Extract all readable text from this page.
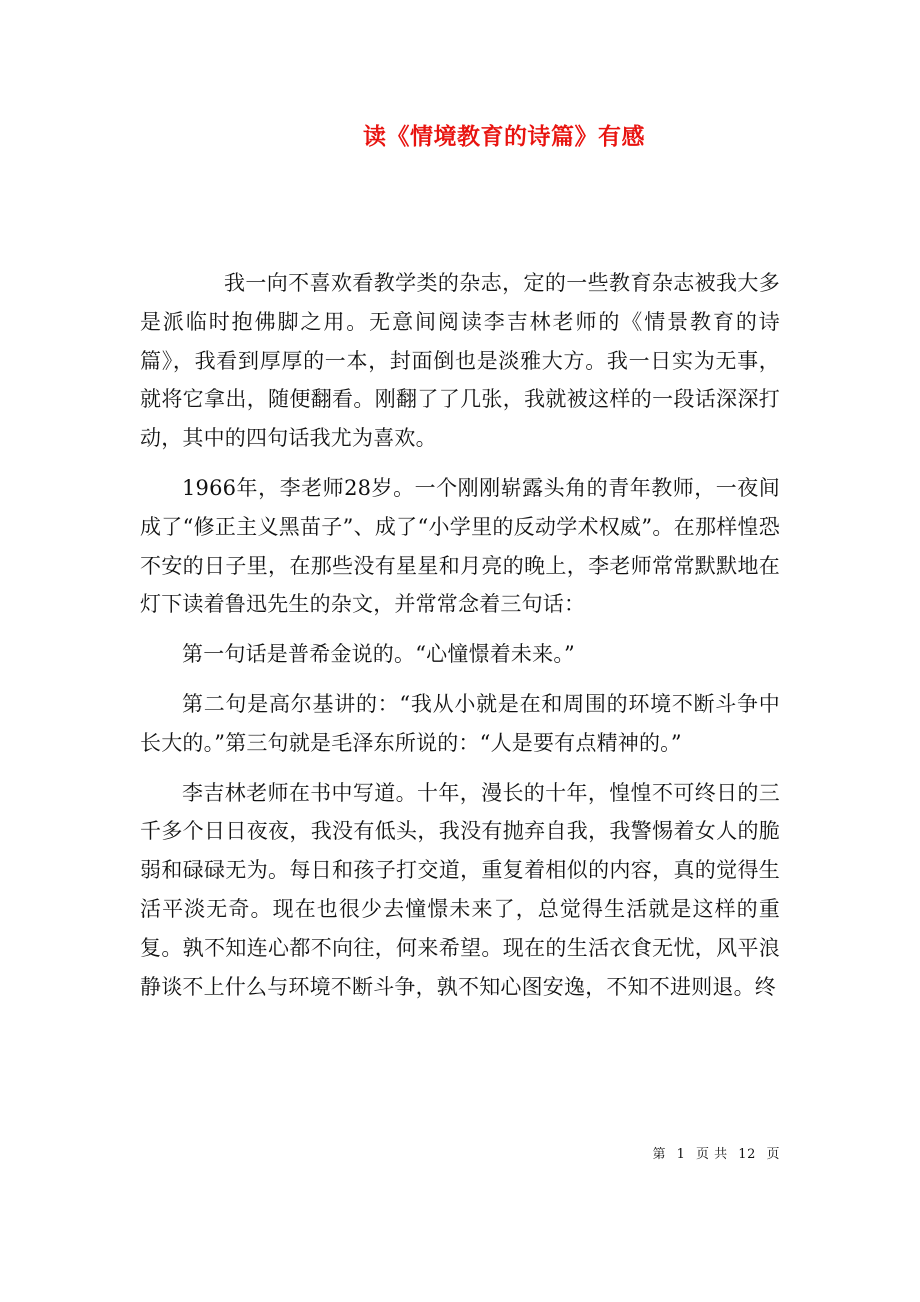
读《情境教育的诗篇》有感

我一向不喜欢看教学类的杂志，定的一些教育杂志被我大多是派临时抱佛脚之用。无意间阅读李吉林老师的《情景教育的诗篇》，我看到厚厚的一本，封面倒也是淡雅大方。我一日实为无事，就将它拿出，随便翻看。刚翻了了几张，我就被这样的一段话深深打动，其中的四句话我尤为喜欢。

1966年，李老师28岁。一个刚刚崭露头角的青年教师，一夜间成了“修正主义黑苗子”、成了“小学里的反动学术权威”。在那样惶恐不安的日子里，在那些没有星星和月亮的晚上，李老师常常默默地在灯下读着鲁迅先生的杂文，并常常念着三句话：

第一句话是普希金说的。“心憧憬着未来。”

第二句是高尔基讲的：“我从小就是在和周围的环境不断斗争中长大的。”第三句就是毛泽东所说的：“人是要有点精神的。”

李吉林老师在书中写道。十年，漫长的十年，惶惶不可终日的三千多个日日夜夜，我没有低头，我没有抛弃自我，我警惕着女人的脆弱和碌碌无为。每日和孩子打交道，重复着相似的内容，真的觉得生活平淡无奇。现在也很少去憧憬未来了，总觉得生活就是这样的重复。孰不知连心都不向往，何来希望。现在的生活衣食无忧，风平浪静谈不上什么与环境不断斗争，孰不知心图安逸，不知不进则退。终

第 1 页 共 12 页
